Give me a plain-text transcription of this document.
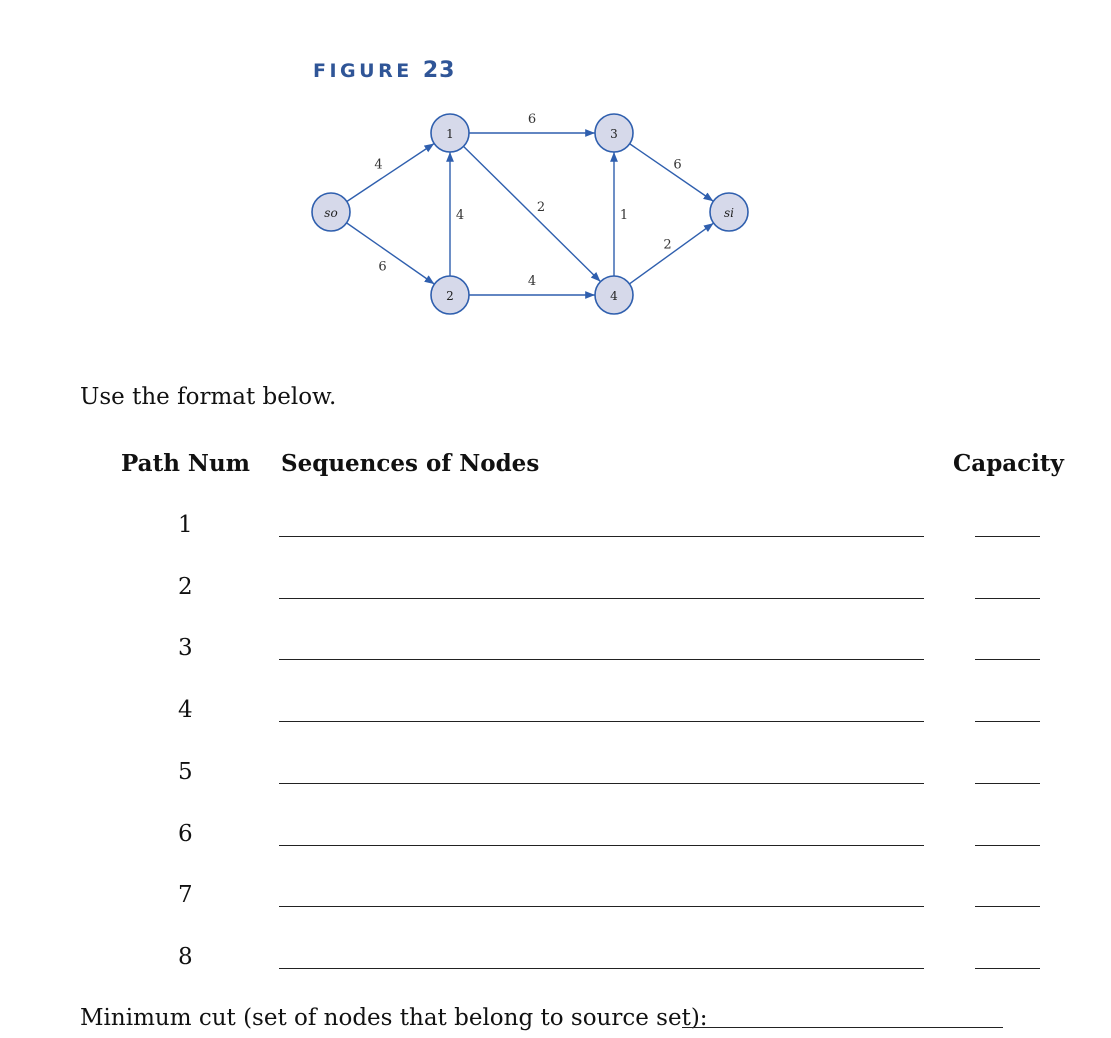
FIGURE 23
4
6
4
6
2
4
1
6
2
so
1
2
3
4
si
Use the format below.
Path Num Sequences of Nodes	Capacity
1
2
3
4
5
6
7
8
Minimum cut (set of nodes that belong to source set):
